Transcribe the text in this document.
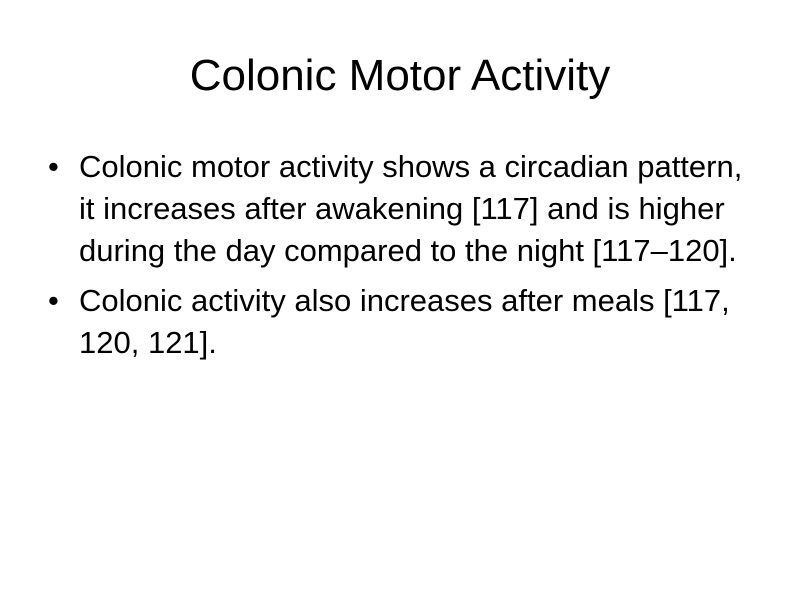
Colonic Motor Activity
• Colonic motor activity shows a circadian pattern, it increases after awakening [117] and is higher during the day compared to the night [117–120].
• Colonic activity also increases after meals [117, 120, 121].
